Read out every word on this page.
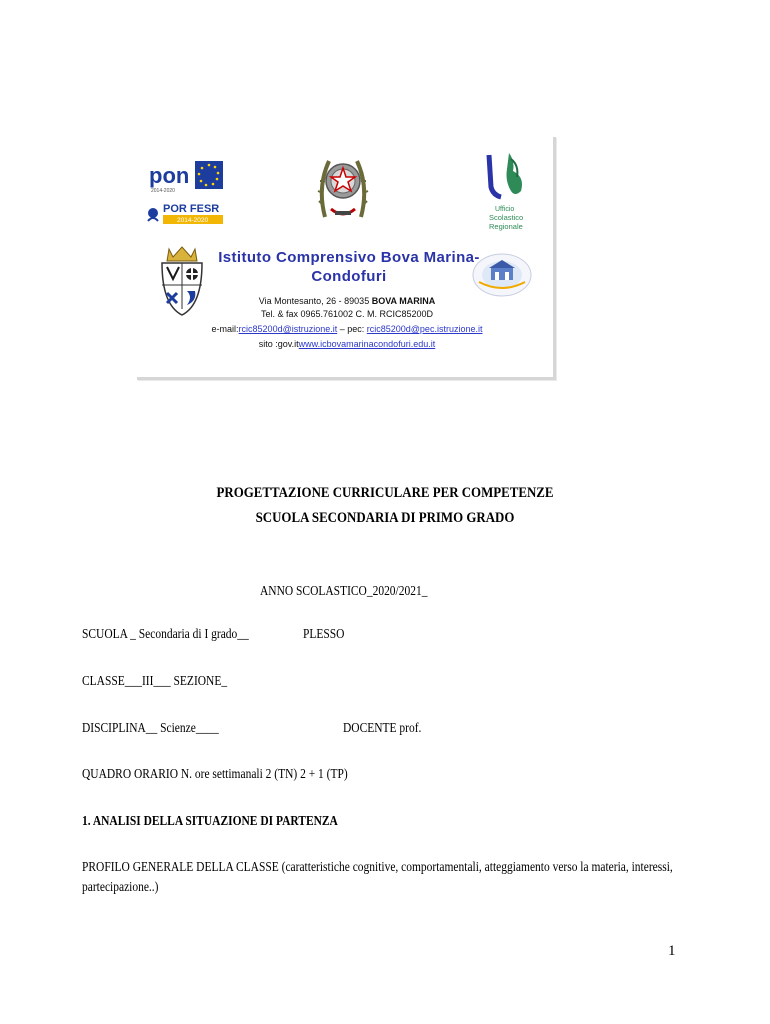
pon
2014-2020
POR FESR
2014-2020
Ufficio
Scolastico
Regionale
Istituto Comprensivo Bova Marina-
Condofuri
Via Montesanto, 26 - 89035 BOVA MARINA
Tel. & fax 0965.761002 C. M. RCIC85200D
e-mail:rcic85200d@istruzione.it – pec: rcic85200d@pec.istruzione.it
sito :gov.itwww.icbovamarinacondofuri.edu.it
PROGETTAZIONE CURRICULARE PER COMPETENZE
SCUOLA SECONDARIA DI PRIMO GRADO
ANNO SCOLASTICO_2020/2021_
SCUOLA _ Secondaria di I grado__	PLESSO
CLASSE___III___ SEZIONE_
DISCIPLINA__ Scienze____	DOCENTE prof.
QUADRO ORARIO N. ore settimanali 2 (TN) 2 + 1 (TP)
1. ANALISI DELLA SITUAZIONE DI PARTENZA
PROFILO GENERALE DELLA CLASSE (caratteristiche cognitive, comportamentali, atteggiamento verso la materia, interessi,
partecipazione..)
1
